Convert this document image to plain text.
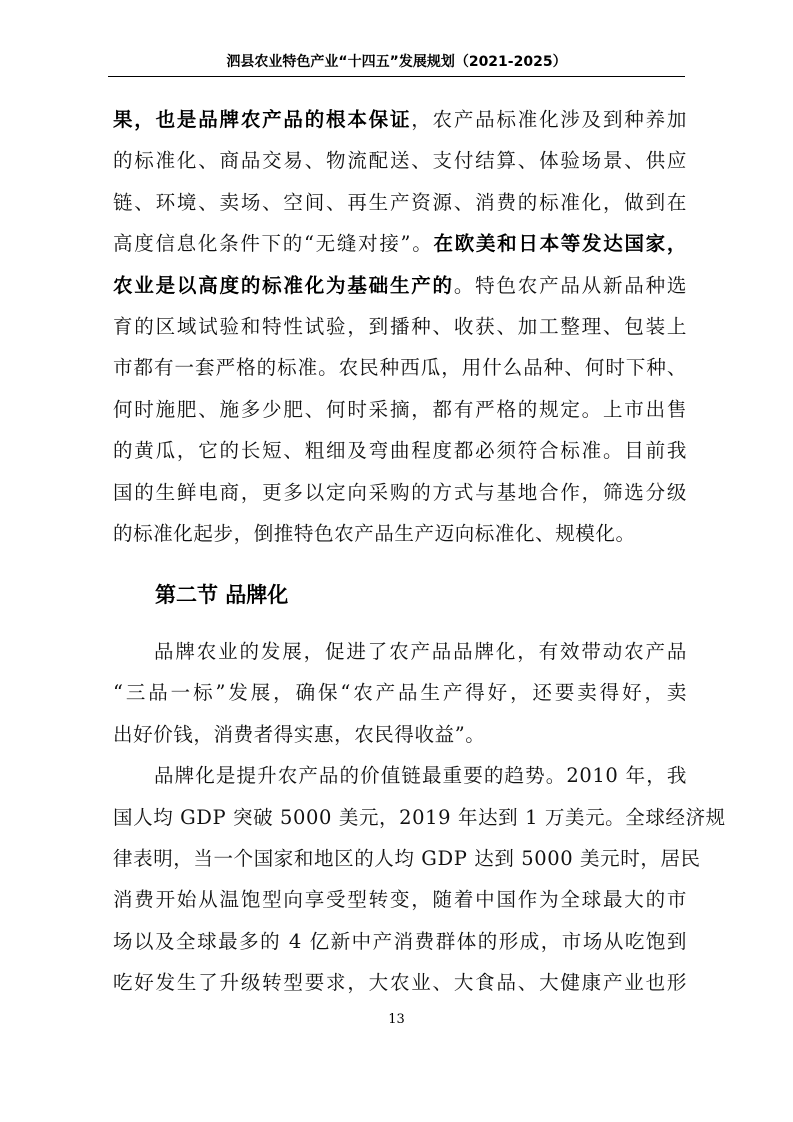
泗县农业特色产业“十四五”发展规划（2021-2025）
果，也是品牌农产品的根本保证，农产品标准化涉及到种养加
的标准化、商品交易、物流配送、支付结算、体验场景、供应
链、环境、卖场、空间、再生产资源、消费的标准化，做到在
高度信息化条件下的“无缝对接”。在欧美和日本等发达国家，
农业是以高度的标准化为基础生产的。特色农产品从新品种选
育的区域试验和特性试验，到播种、收获、加工整理、包装上
市都有一套严格的标准。农民种西瓜，用什么品种、何时下种、
何时施肥、施多少肥、何时采摘，都有严格的规定。上市出售
的黄瓜，它的长短、粗细及弯曲程度都必须符合标准。目前我
国的生鲜电商，更多以定向采购的方式与基地合作，筛选分级
的标准化起步，倒推特色农产品生产迈向标准化、规模化。
第二节 品牌化
品牌农业的发展，促进了农产品品牌化，有效带动农产品
“三品一标”发展，确保“农产品生产得好，还要卖得好，卖
出好价钱，消费者得实惠，农民得收益”。
品牌化是提升农产品的价值链最重要的趋势。2010 年，我
国人均 GDP 突破 5000 美元，2019 年达到 1 万美元。全球经济规
律表明，当一个国家和地区的人均 GDP 达到 5000 美元时，居民
消费开始从温饱型向享受型转变，随着中国作为全球最大的市
场以及全球最多的 4 亿新中产消费群体的形成，市场从吃饱到
吃好发生了升级转型要求，大农业、大食品、大健康产业也形
13
